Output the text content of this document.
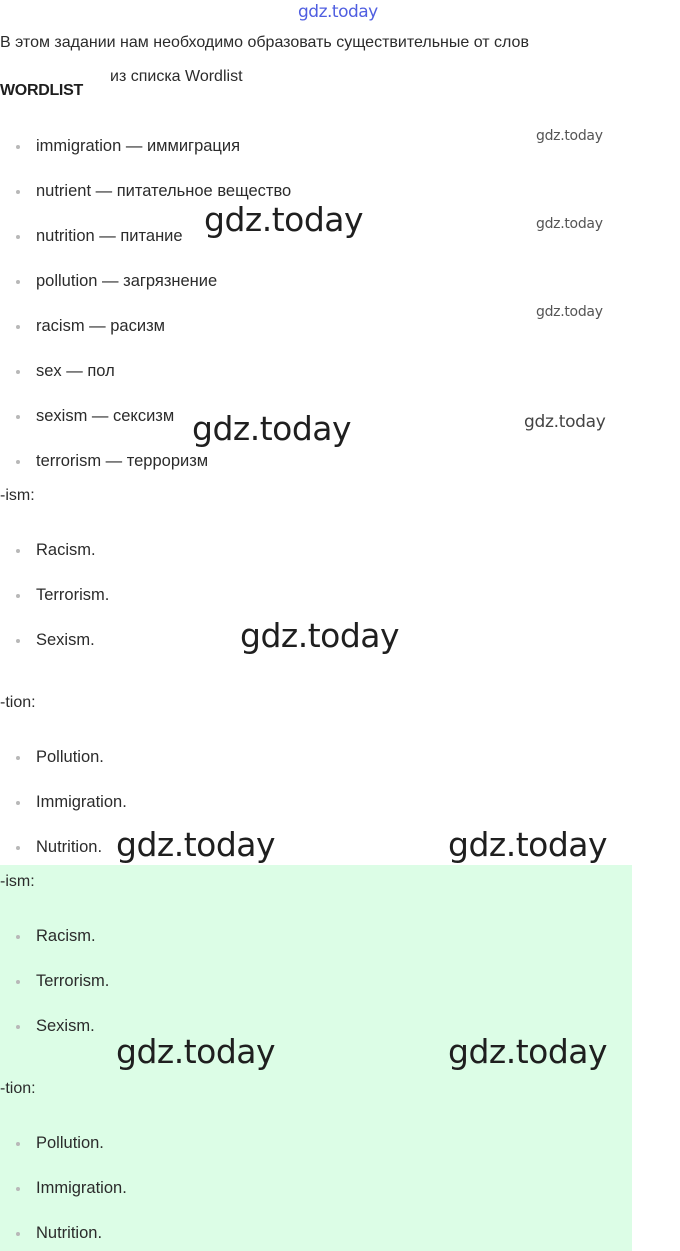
gdz.today
В этом задании нам необходимо образовать существительные от слов
из списка Wordlist
WORDLIST
immigration — иммиграция
nutrient — питательное вещество
nutrition — питание
pollution — загрязнение
racism — расизм
sex — пол
sexism — сексизм
terrorism — терроризм
-ism:
Racism.
Terrorism.
Sexism.
-tion:
Pollution.
Immigration.
Nutrition.
-ism:
Racism.
Terrorism.
Sexism.
-tion:
Pollution.
Immigration.
Nutrition.
gdz.today
gdz.today
gdz.today
gdz.today
gdz.today
gdz.today
gdz.today
gdz.today	gdz.today
gdz.today	gdz.today
